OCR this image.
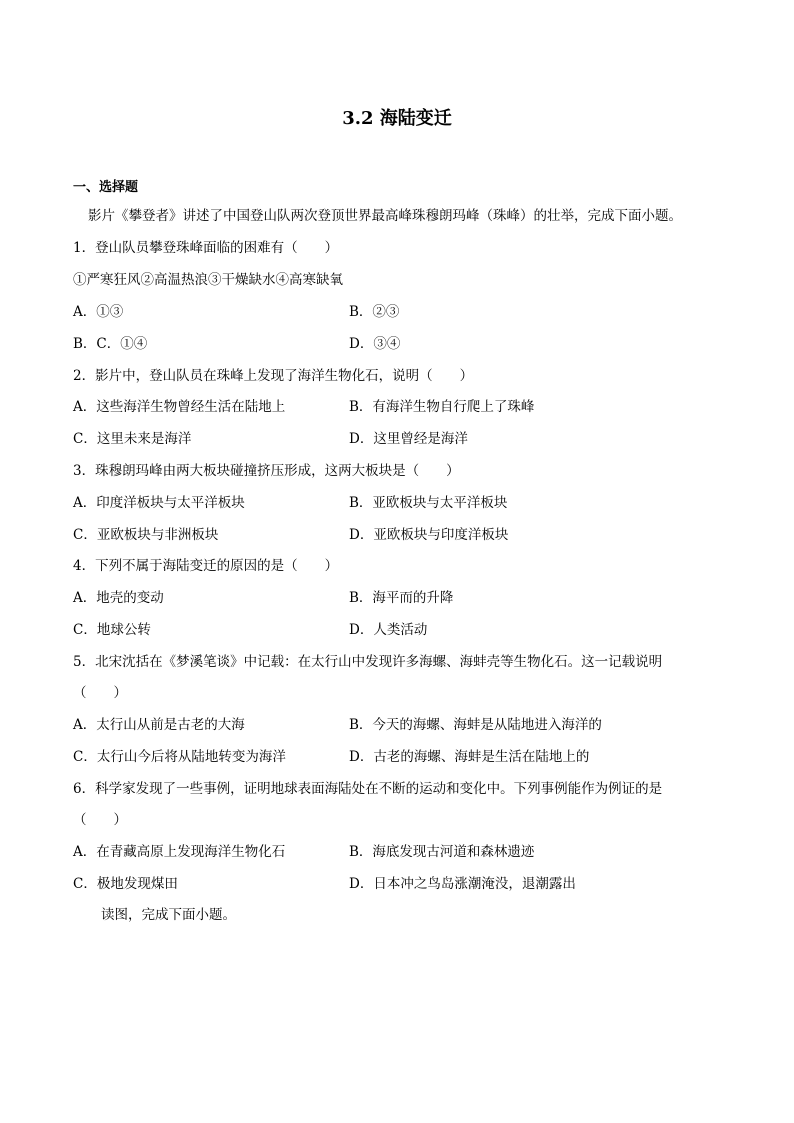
3.2 海陆变迁
一、选择题
影片《攀登者》讲述了中国登山队两次登顶世界最高峰珠穆朗玛峰（珠峰）的壮举，完成下面小题。
1．登山队员攀登珠峰面临的困难有（　　）
①严寒狂风②高温热浪③干燥缺水④高寒缺氧
A．①③	B．②③
B．C．①④	D．③④
2．影片中，登山队员在珠峰上发现了海洋生物化石，说明（　　）
A．这些海洋生物曾经生活在陆地上	B．有海洋生物自行爬上了珠峰
C．这里未来是海洋	D．这里曾经是海洋
3．珠穆朗玛峰由两大板块碰撞挤压形成，这两大板块是（　　）
A．印度洋板块与太平洋板块	B．亚欧板块与太平洋板块
C．亚欧板块与非洲板块	D．亚欧板块与印度洋板块
4．下列不属于海陆变迁的原因的是（　　）
A．地壳的变动	B．海平而的升降
C．地球公转	D．人类活动
5．北宋沈括在《梦溪笔谈》中记载：在太行山中发现许多海螺、海蚌壳等生物化石。这一记载说明
（　　）
A．太行山从前是古老的大海	B．今天的海螺、海蚌是从陆地进入海洋的
C．太行山今后将从陆地转变为海洋	D．古老的海螺、海蚌是生活在陆地上的
6．科学家发现了一些事例，证明地球表面海陆处在不断的运动和变化中。下列事例能作为例证的是
（　　）
A．在青藏高原上发现海洋生物化石	B．海底发现古河道和森林遗迹
C．极地发现煤田	D．日本冲之鸟岛涨潮淹没，退潮露出
读图，完成下面小题。
